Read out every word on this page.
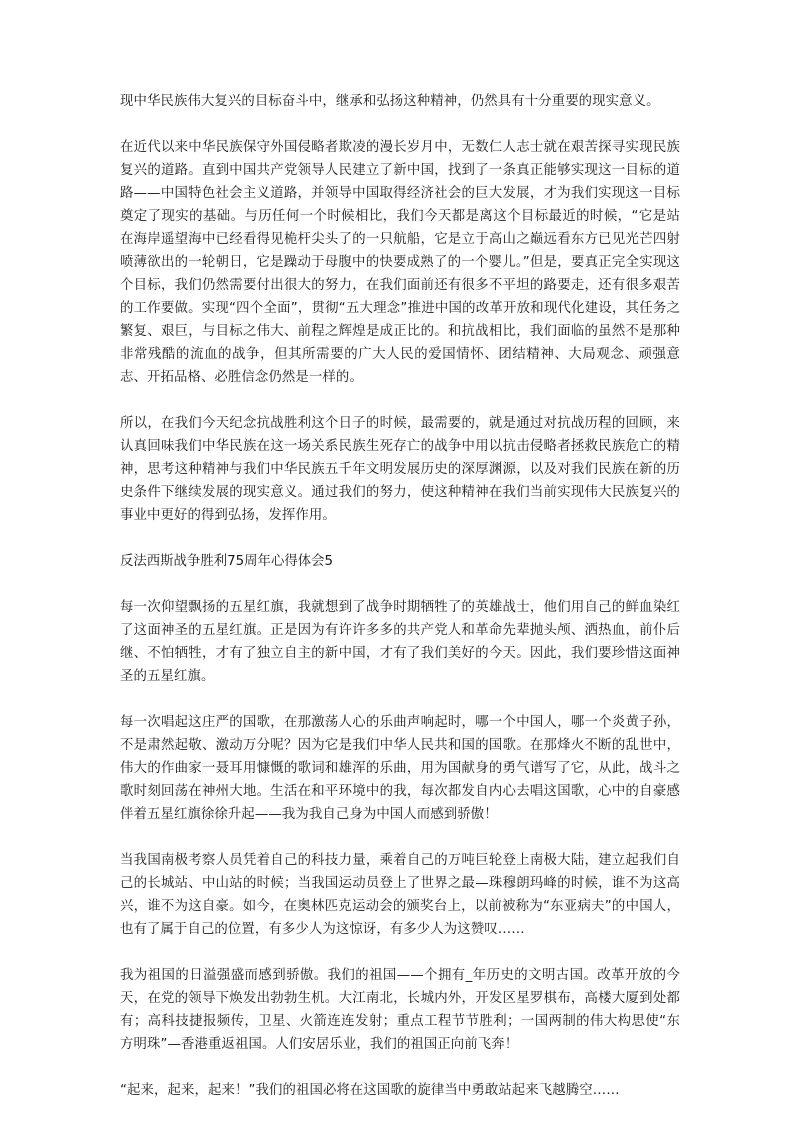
现中华民族伟大复兴的目标奋斗中，继承和弘扬这种精神，仍然具有十分重要的现实意义。

在近代以来中华民族保守外国侵略者欺凌的漫长岁月中，无数仁人志士就在艰苦探寻实现民族复兴的道路。直到中国共产党领导人民建立了新中国，找到了一条真正能够实现这一目标的道路——中国特色社会主义道路，并领导中国取得经济社会的巨大发展，才为我们实现这一目标奠定了现实的基础。与历任何一个时候相比，我们今天都是离这个目标最近的时候，“它是站在海岸遥望海中已经看得见桅杆尖头了的一只航船，它是立于高山之巅远看东方已见光芒四射喷薄欲出的一轮朝日，它是躁动于母腹中的快要成熟了的一个婴儿。”但是，要真正完全实现这个目标，我们仍然需要付出很大的努力，在我们面前还有很多不平坦的路要走，还有很多艰苦的工作要做。实现“四个全面”，贯彻“五大理念”推进中国的改革开放和现代化建设，其任务之繁复、艰巨，与目标之伟大、前程之辉煌是成正比的。和抗战相比，我们面临的虽然不是那种非常残酷的流血的战争，但其所需要的广大人民的爱国情怀、团结精神、大局观念、顽强意志、开拓品格、必胜信念仍然是一样的。

所以，在我们今天纪念抗战胜利这个日子的时候，最需要的，就是通过对抗战历程的回顾，来认真回味我们中华民族在这一场关系民族生死存亡的战争中用以抗击侵略者拯救民族危亡的精神，思考这种精神与我们中华民族五千年文明发展历史的深厚渊源，以及对我们民族在新的历史条件下继续发展的现实意义。通过我们的努力，使这种精神在我们当前实现伟大民族复兴的事业中更好的得到弘扬，发挥作用。

反法西斯战争胜利75周年心得体会5

每一次仰望飘扬的五星红旗，我就想到了战争时期牺牲了的英雄战士，他们用自己的鲜血染红了这面神圣的五星红旗。正是因为有许许多多的共产党人和革命先辈抛头颅、洒热血，前仆后继、不怕牺牲，才有了独立自主的新中国，才有了我们美好的今天。因此，我们要珍惜这面神圣的五星红旗。

每一次唱起这庄严的国歌，在那激荡人心的乐曲声响起时，哪一个中国人，哪一个炎黄子孙，不是肃然起敬、激动万分呢？因为它是我们中华人民共和国的国歌。在那烽火不断的乱世中，伟大的作曲家一聂耳用慷慨的歌词和雄浑的乐曲，用为国献身的勇气谱写了它，从此，战斗之歌时刻回荡在神州大地。生活在和平环境中的我，每次都发自内心去唱这国歌，心中的自豪感伴着五星红旗徐徐升起——我为我自己身为中国人而感到骄傲！

当我国南极考察人员凭着自己的科技力量，乘着自己的万吨巨轮登上南极大陆，建立起我们自己的长城站、中山站的时候；当我国运动员登上了世界之最—珠穆朗玛峰的时候，谁不为这高兴，谁不为这自豪。如今，在奥林匹克运动会的颁奖台上，以前被称为“东亚病夫”的中国人，也有了属于自己的位置，有多少人为这惊讶，有多少人为这赞叹……

我为祖国的日溢强盛而感到骄傲。我们的祖国——个拥有_年历史的文明古国。改革开放的今天，在党的领导下焕发出勃勃生机。大江南北，长城内外，开发区星罗棋布，高楼大厦到处都有；高科技捷报频传，卫星、火箭连连发射；重点工程节节胜利；一国两制的伟大构思使“东方明珠”—香港重返祖国。人们安居乐业，我们的祖国正向前飞奔！

“起来，起来，起来！”我们的祖国必将在这国歌的旋律当中勇敢站起来飞越腾空……
